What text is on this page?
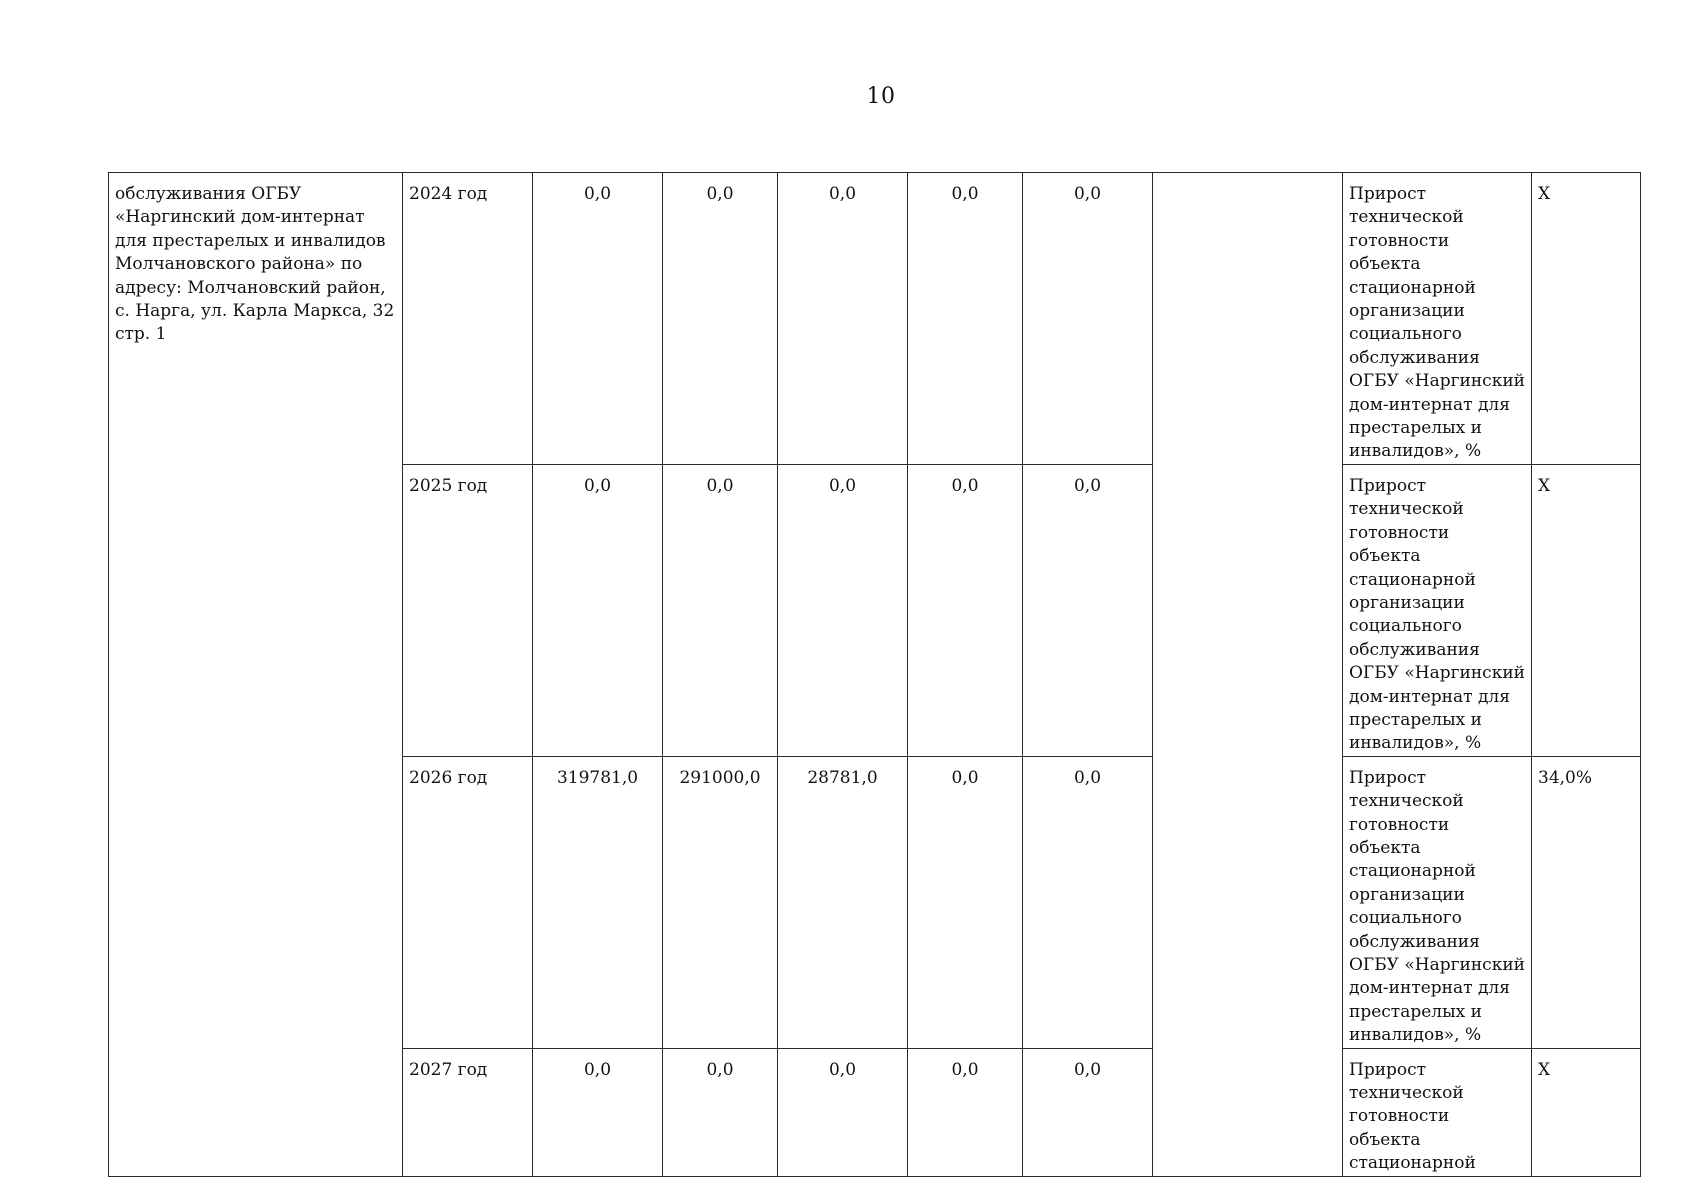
10
обслуживания ОГБУ «Наргинский дом-интернат для престарелых и инвалидов Молчановского района» по адресу: Молчановский район, с. Нарга, ул. Карла Маркса, 32 стр. 1	2024 год	0,0	0,0	0,0	0,0	0,0		Прирост технической готовности объекта стационарной организации социального обслуживания ОГБУ «Наргинский дом-интернат для престарелых и инвалидов», %	Х
	2025 год	0,0	0,0	0,0	0,0	0,0		Прирост технической готовности объекта стационарной организации социального обслуживания ОГБУ «Наргинский дом-интернат для престарелых и инвалидов», %	Х
	2026 год	319781,0	291000,0	28781,0	0,0	0,0		Прирост технической готовности объекта стационарной организации социального обслуживания ОГБУ «Наргинский дом-интернат для престарелых и инвалидов», %	34,0%
	2027 год	0,0	0,0	0,0	0,0	0,0		Прирост технической готовности объекта стационарной	Х
